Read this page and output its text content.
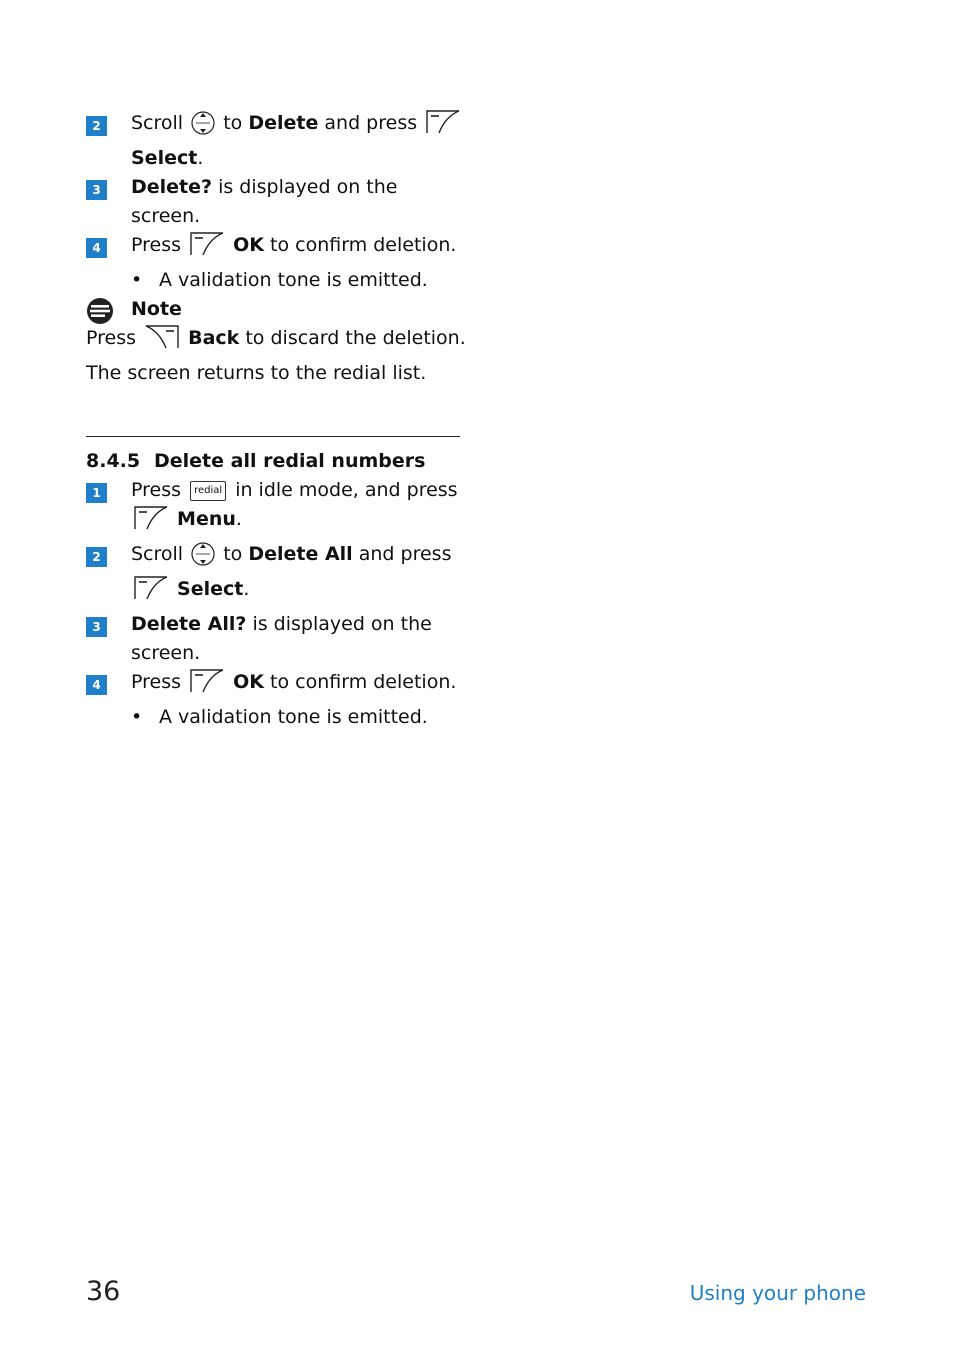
2	Scroll to Delete and press
Select.
3	Delete? is displayed on the screen.
4	Press	OK to confirm deletion.
• A validation tone is emitted.
Note
Press	Back to discard the deletion.
The screen returns to the redial list.
8.4.5 Delete all redial numbers
1	Press redial in idle mode, and press
Menu.
2	Scroll to Delete All and press
Select.
3	Delete All? is displayed on the
screen.
4	Press	OK to confirm deletion.
• A validation tone is emitted.
36	Using your phone
